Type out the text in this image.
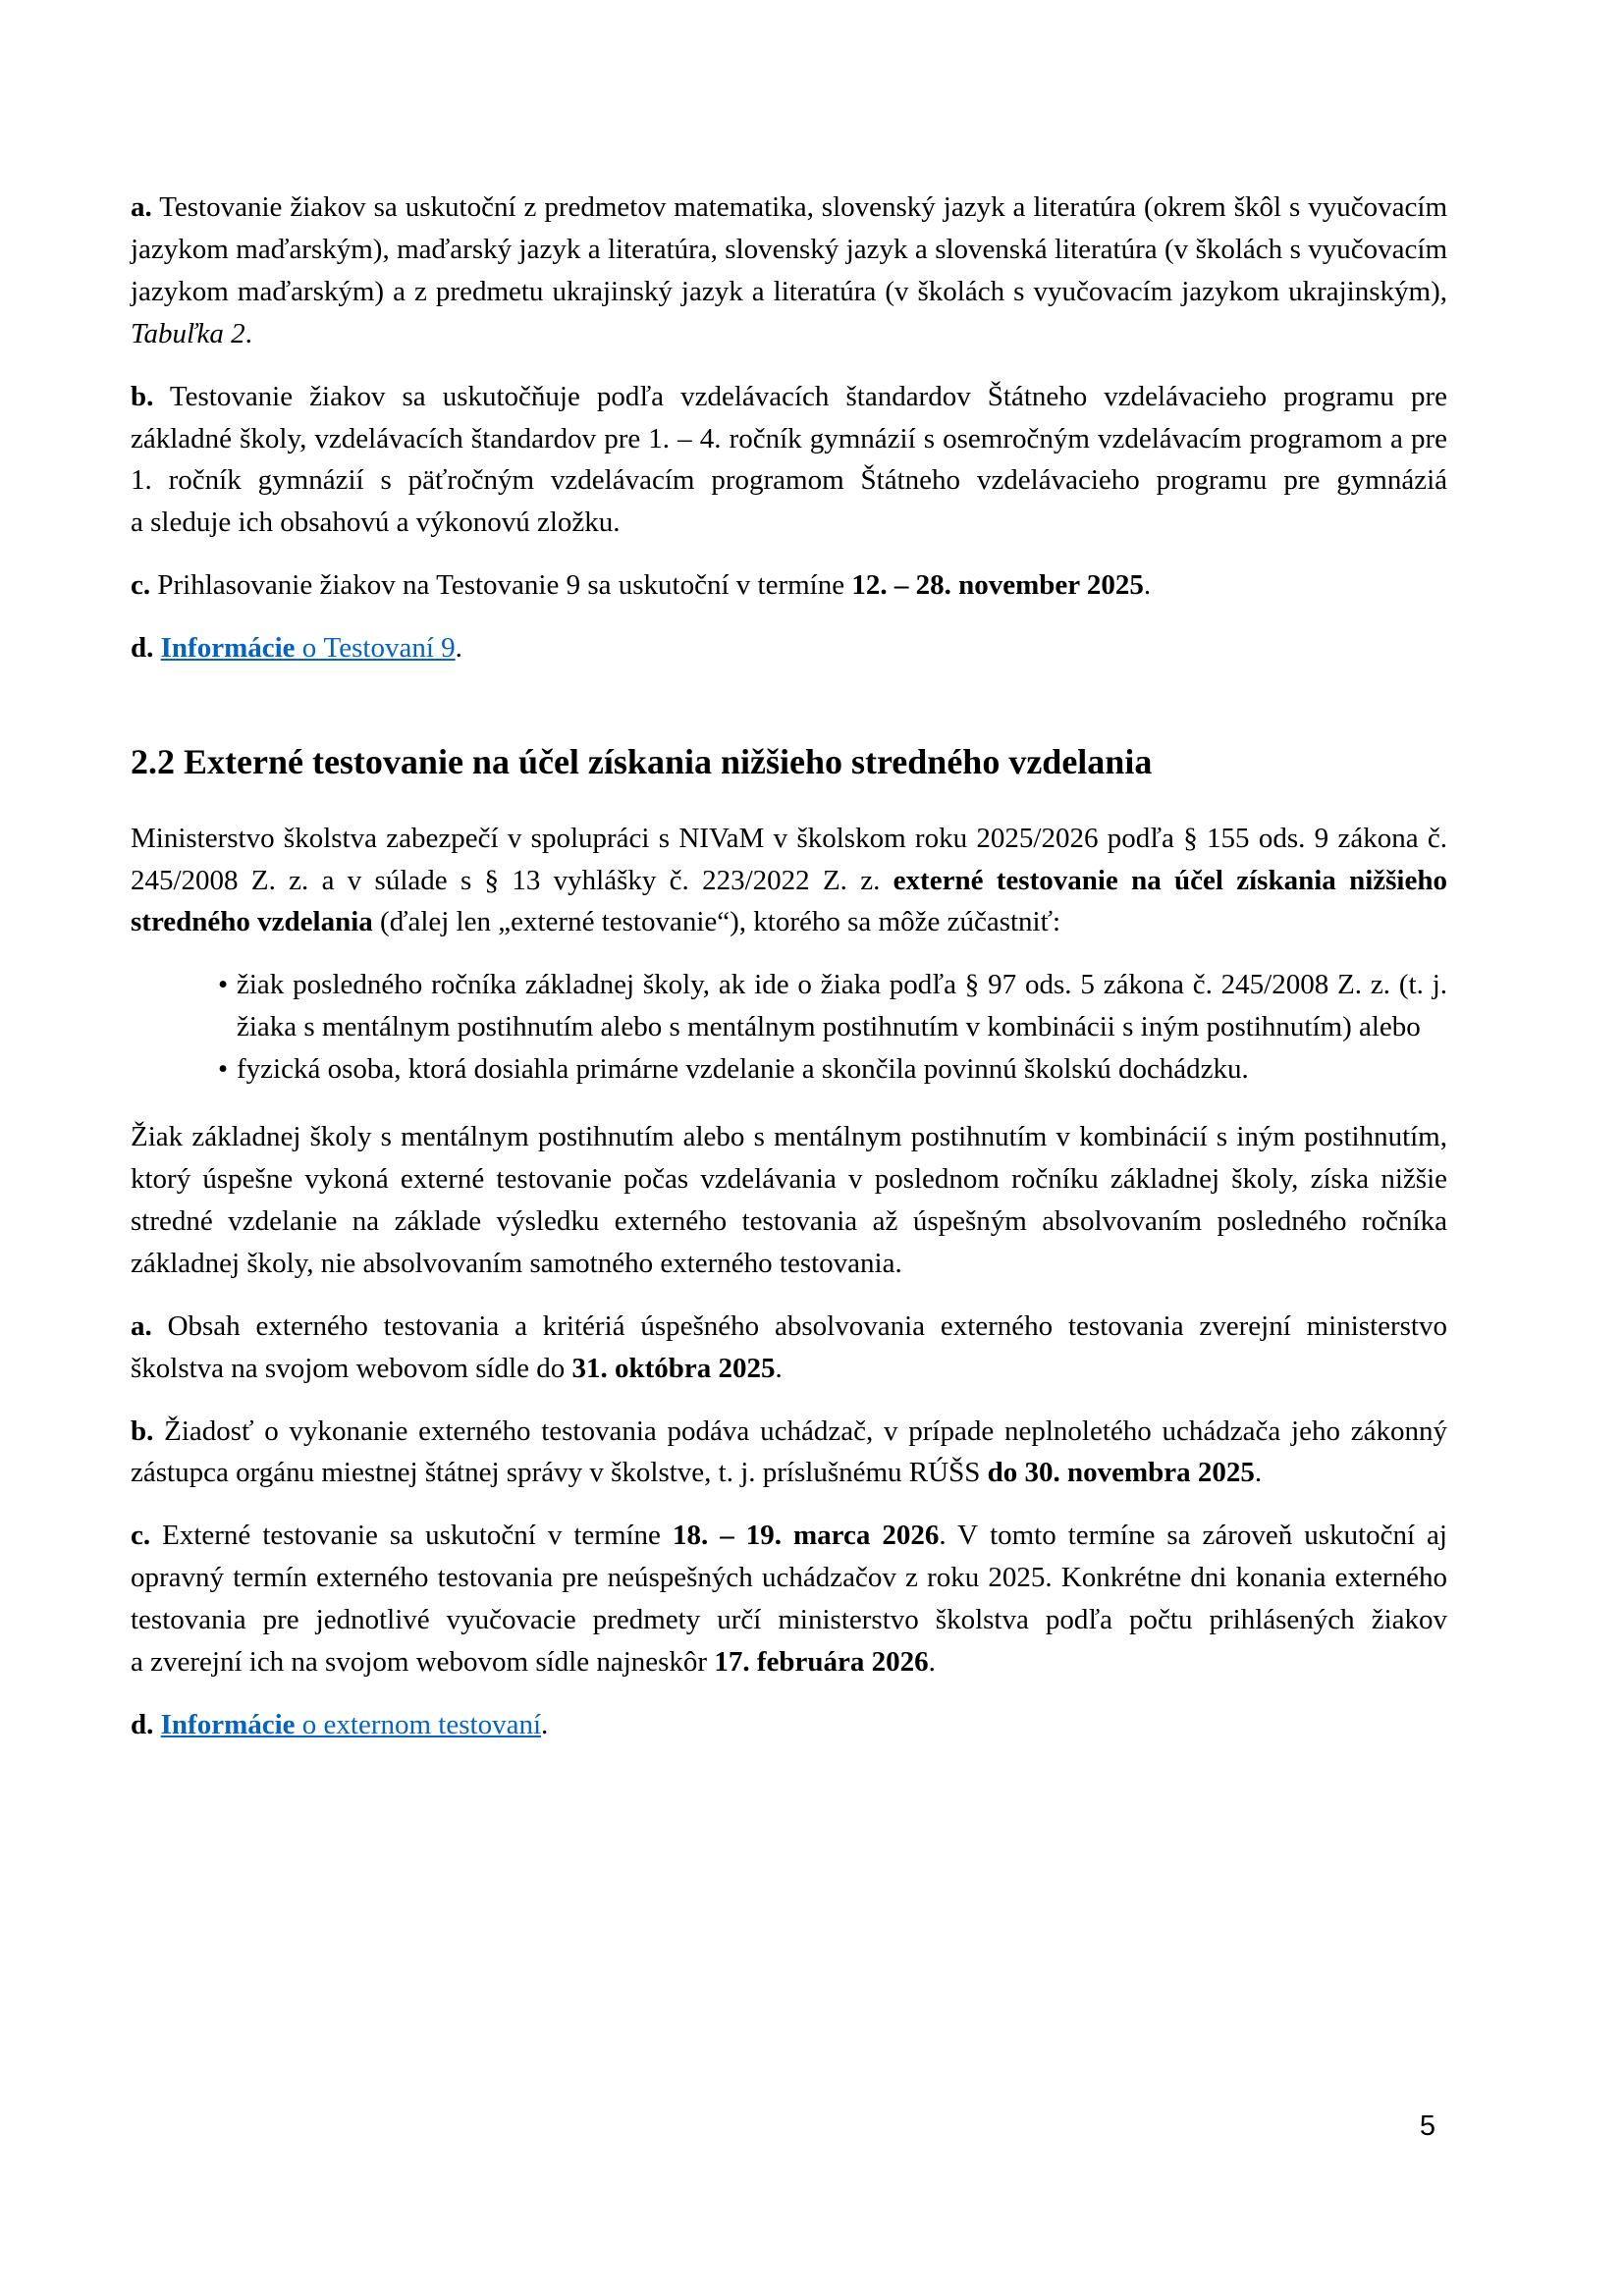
a. Testovanie žiakov sa uskutoční z predmetov matematika, slovenský jazyk a literatúra (okrem škôl s vyučovacím jazykom maďarským), maďarský jazyk a literatúra, slovenský jazyk a slovenská literatúra (v školách s vyučovacím jazykom maďarským) a z predmetu ukrajinský jazyk a literatúra (v školách s vyučovacím jazykom ukrajinským), Tabuľka 2.

b. Testovanie žiakov sa uskutočňuje podľa vzdelávacích štandardov Štátneho vzdelávacieho programu pre základné školy, vzdelávacích štandardov pre 1. – 4. ročník gymnázií s osemročným vzdelávacím programom a pre 1. ročník gymnázií s päťročným vzdelávacím programom Štátneho vzdelávacieho programu pre gymnáziá a sleduje ich obsahovú a výkonovú zložku.

c. Prihlasovanie žiakov na Testovanie 9 sa uskutoční v termíne 12. – 28. november 2025.

d. Informácie o Testovaní 9.

2.2 Externé testovanie na účel získania nižšieho stredného vzdelania

Ministerstvo školstva zabezpečí v spolupráci s NIVaM v školskom roku 2025/2026 podľa § 155 ods. 9 zákona č. 245/2008 Z. z. a v súlade s § 13 vyhlášky č. 223/2022 Z. z. externé testovanie na účel získania nižšieho stredného vzdelania (ďalej len „externé testovanie“), ktorého sa môže zúčastniť:

• žiak posledného ročníka základnej školy, ak ide o žiaka podľa § 97 ods. 5 zákona č. 245/2008 Z. z. (t. j. žiaka s mentálnym postihnutím alebo s mentálnym postihnutím v kombinácii s iným postihnutím) alebo
• fyzická osoba, ktorá dosiahla primárne vzdelanie a skončila povinnú školskú dochádzku.

Žiak základnej školy s mentálnym postihnutím alebo s mentálnym postihnutím v kombinácií s iným postihnutím, ktorý úspešne vykoná externé testovanie počas vzdelávania v poslednom ročníku základnej školy, získa nižšie stredné vzdelanie na základe výsledku externého testovania až úspešným absolvovaním posledného ročníka základnej školy, nie absolvovaním samotného externého testovania.

a. Obsah externého testovania a kritériá úspešného absolvovania externého testovania zverejní ministerstvo školstva na svojom webovom sídle do 31. októbra 2025.

b. Žiadosť o vykonanie externého testovania podáva uchádzač, v prípade neplnoletého uchádzača jeho zákonný zástupca orgánu miestnej štátnej správy v školstve, t. j. príslušnému RÚŠS do 30. novembra 2025.

c. Externé testovanie sa uskutoční v termíne 18. – 19. marca 2026. V tomto termíne sa zároveň uskutoční aj opravný termín externého testovania pre neúspešných uchádzačov z roku 2025. Konkrétne dni konania externého testovania pre jednotlivé vyučovacie predmety určí ministerstvo školstva podľa počtu prihlásených žiakov a zverejní ich na svojom webovom sídle najneskôr 17. februára 2026.

d. Informácie o externom testovaní.

5
